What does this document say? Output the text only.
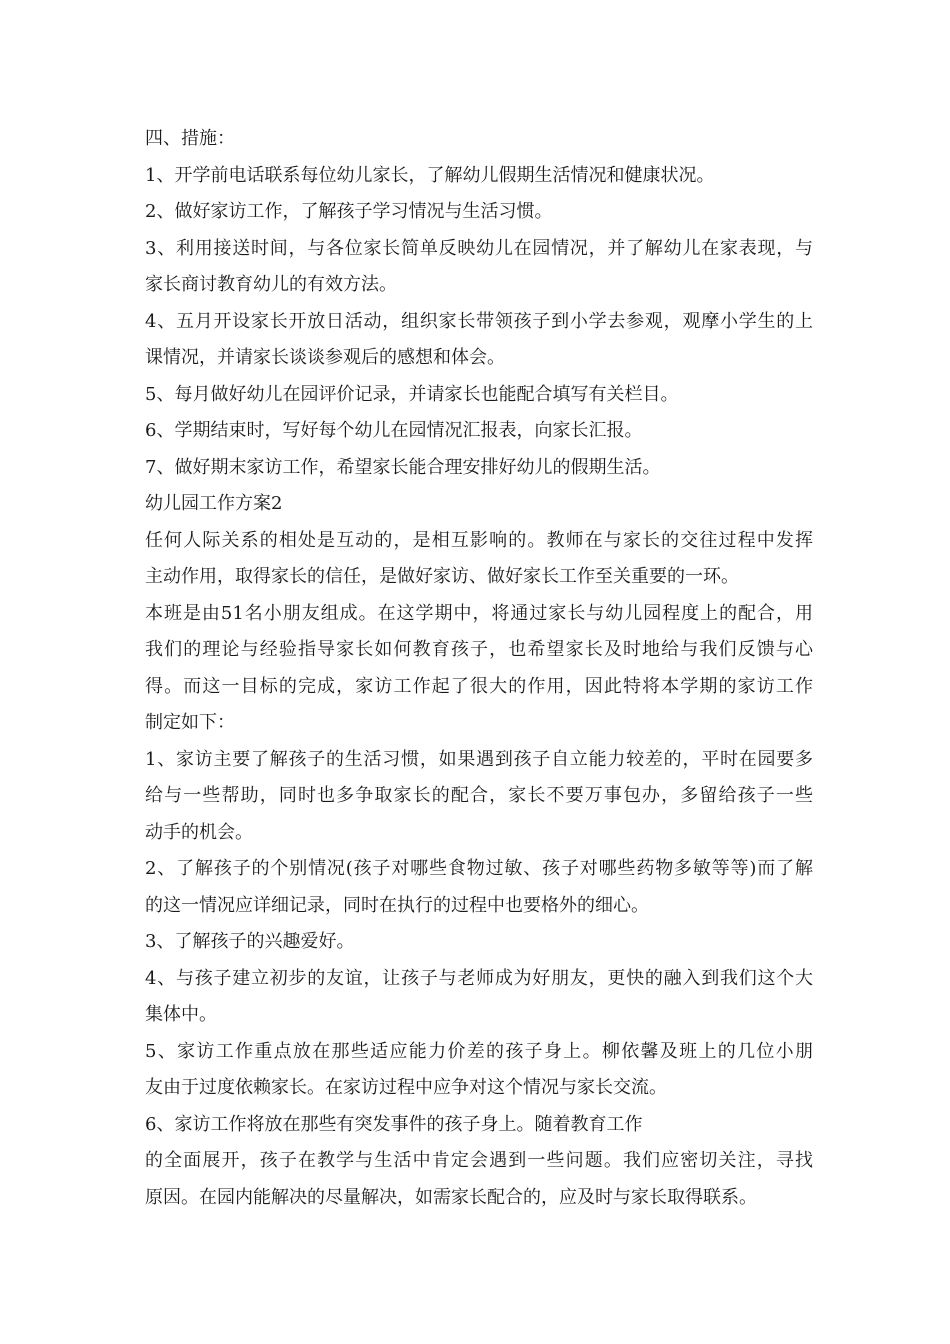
四、措施：
1、开学前电话联系每位幼儿家长，了解幼儿假期生活情况和健康状况。
2、做好家访工作，了解孩子学习情况与生活习惯。
3、利用接送时间，与各位家长简单反映幼儿在园情况，并了解幼儿在家表现，与
家长商讨教育幼儿的有效方法。
4、五月开设家长开放日活动，组织家长带领孩子到小学去参观，观摩小学生的上
课情况，并请家长谈谈参观后的感想和体会。
5、每月做好幼儿在园评价记录，并请家长也能配合填写有关栏目。
6、学期结束时，写好每个幼儿在园情况汇报表，向家长汇报。
7、做好期末家访工作，希望家长能合理安排好幼儿的假期生活。
幼儿园工作方案2
任何人际关系的相处是互动的，是相互影响的。教师在与家长的交往过程中发挥
主动作用，取得家长的信任，是做好家访、做好家长工作至关重要的一环。
本班是由51名小朋友组成。在这学期中，将通过家长与幼儿园程度上的配合，用
我们的理论与经验指导家长如何教育孩子，也希望家长及时地给与我们反馈与心
得。而这一目标的完成，家访工作起了很大的作用，因此特将本学期的家访工作
制定如下：
1、家访主要了解孩子的生活习惯，如果遇到孩子自立能力较差的，平时在园要多
给与一些帮助，同时也多争取家长的配合，家长不要万事包办，多留给孩子一些
动手的机会。
2、了解孩子的个别情况(孩子对哪些食物过敏、孩子对哪些药物多敏等等)而了解
的这一情况应详细记录，同时在执行的过程中也要格外的细心。
3、了解孩子的兴趣爱好。
4、与孩子建立初步的友谊，让孩子与老师成为好朋友，更快的融入到我们这个大
集体中。
5、家访工作重点放在那些适应能力价差的孩子身上。柳依馨及班上的几位小朋
友由于过度依赖家长。在家访过程中应争对这个情况与家长交流。
6、家访工作将放在那些有突发事件的孩子身上。随着教育工作
的全面展开，孩子在教学与生活中肯定会遇到一些问题。我们应密切关注，寻找
原因。在园内能解决的尽量解决，如需家长配合的，应及时与家长取得联系。
